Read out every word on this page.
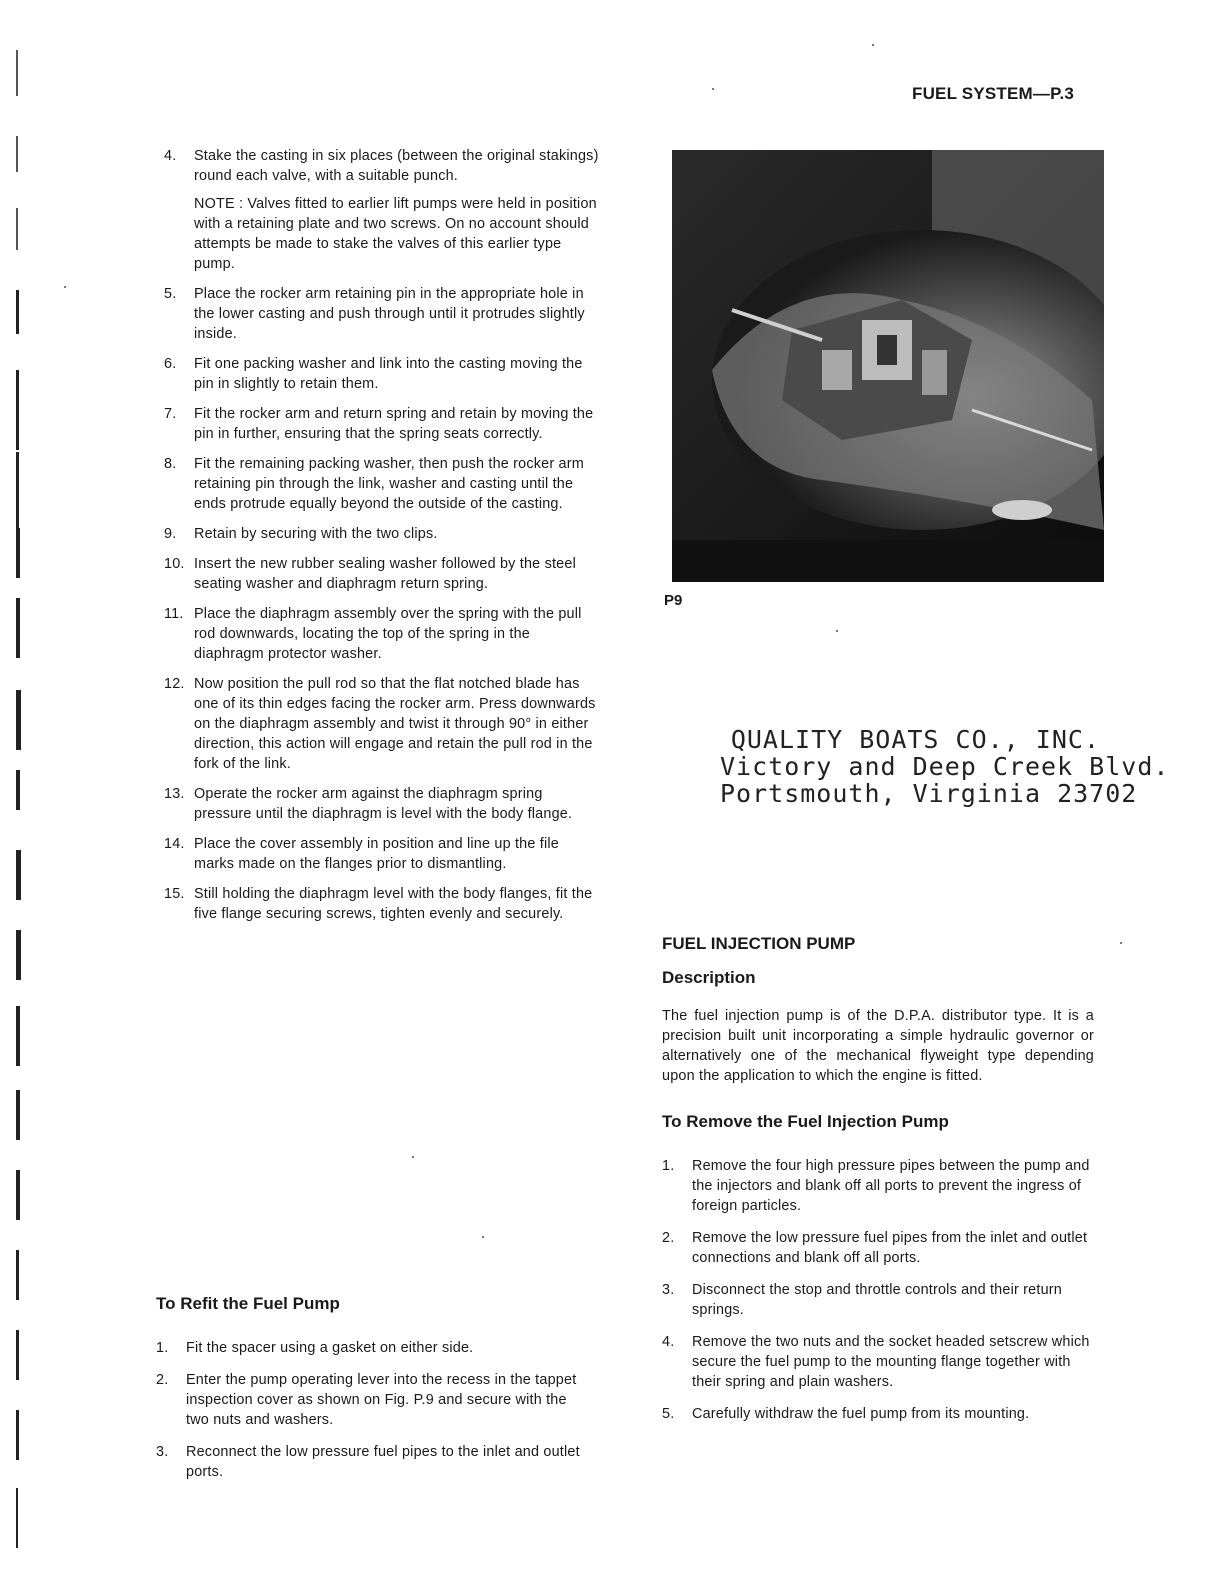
FUEL SYSTEM—P.3
4. Stake the casting in six places (between the original stakings) round each valve, with a suitable punch.
NOTE : Valves fitted to earlier lift pumps were held in position with a retaining plate and two screws. On no account should attempts be made to stake the valves of this earlier type pump.
5. Place the rocker arm retaining pin in the appropriate hole in the lower casting and push through until it protrudes slightly inside.
6. Fit one packing washer and link into the casting moving the pin in slightly to retain them.
7. Fit the rocker arm and return spring and retain by moving the pin in further, ensuring that the spring seats correctly.
8. Fit the remaining packing washer, then push the rocker arm retaining pin through the link, washer and casting until the ends protrude equally beyond the outside of the casting.
9. Retain by securing with the two clips.
10. Insert the new rubber sealing washer followed by the steel seating washer and diaphragm return spring.
11. Place the diaphragm assembly over the spring with the pull rod downwards, locating the top of the spring in the diaphragm protector washer.
12. Now position the pull rod so that the flat notched blade has one of its thin edges facing the rocker arm. Press downwards on the diaphragm assembly and twist it through 90° in either direction, this action will engage and retain the pull rod in the fork of the link.
13. Operate the rocker arm against the diaphragm spring pressure until the diaphragm is level with the body flange.
14. Place the cover assembly in position and line up the file marks made on the flanges prior to dismantling.
15. Still holding the diaphragm level with the body flanges, fit the five flange securing screws, tighten evenly and securely.
To Refit the Fuel Pump
1. Fit the spacer using a gasket on either side.
2. Enter the pump operating lever into the recess in the tappet inspection cover as shown on Fig. P.9 and secure with the two nuts and washers.
3. Reconnect the low pressure fuel pipes to the inlet and outlet ports.
P9
QUALITY BOATS CO., INC.
Victory and Deep Creek Blvd.
Portsmouth, Virginia 23702
FUEL INJECTION PUMP
Description

The fuel injection pump is of the D.P.A. distributor type. It is a precision built unit incorporating a simple hydraulic governor or alternatively one of the mechanical flyweight type depending upon the application to which the engine is fitted.

To Remove the Fuel Injection Pump
1. Remove the four high pressure pipes between the pump and the injectors and blank off all ports to prevent the ingress of foreign particles.
2. Remove the low pressure fuel pipes from the inlet and outlet connections and blank off all ports.
3. Disconnect the stop and throttle controls and their return springs.
4. Remove the two nuts and the socket headed setscrew which secure the fuel pump to the mounting flange together with their spring and plain washers.
5. Carefully withdraw the fuel pump from its mounting.
